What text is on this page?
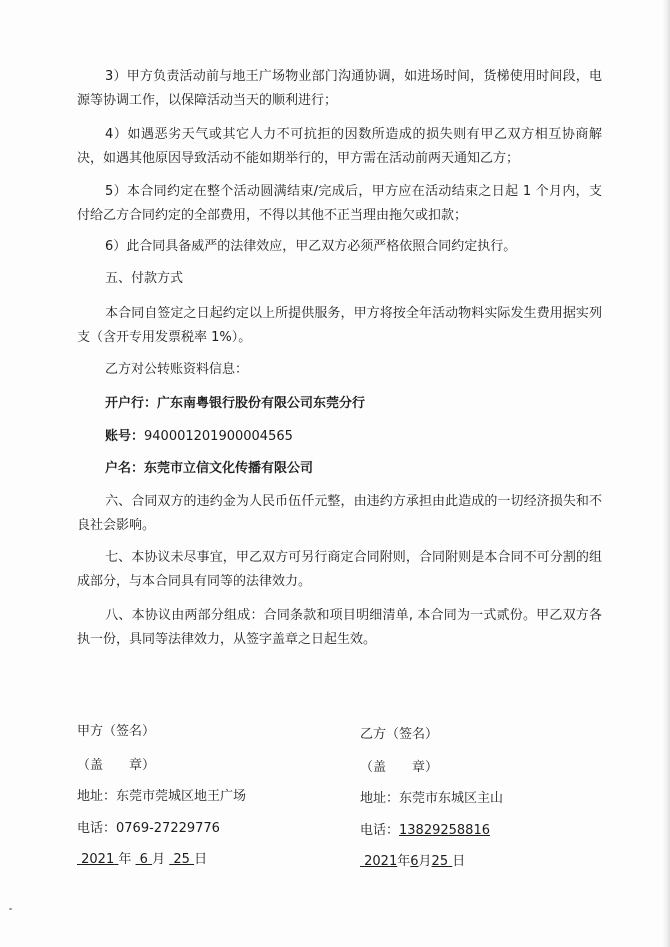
3）甲方负责活动前与地王广场物业部门沟通协调，如进场时间，货梯使用时间段，电源等协调工作，以保障活动当天的顺利进行；

4）如遇恶劣天气或其它人力不可抗拒的因数所造成的损失则有甲乙双方相互协商解决，如遇其他原因导致活动不能如期举行的，甲方需在活动前两天通知乙方；

5）本合同约定在整个活动圆满结束/完成后，甲方应在活动结束之日起 1 个月内，支付给乙方合同约定的全部费用，不得以其他不正当理由拖欠或扣款；

6）此合同具备威严的法律效应，甲乙双方必须严格依照合同约定执行。

五、付款方式

本合同自签定之日起约定以上所提供服务，甲方将按全年活动物料实际发生费用据实列支（含开专用发票税率 1%）。

乙方对公转账资料信息：

开户行：广东南粤银行股份有限公司东莞分行

账号：940001201900004565

户名：东莞市立信文化传播有限公司

六、合同双方的违约金为人民币伍仟元整，由违约方承担由此造成的一切经济损失和不良社会影响。

七、本协议未尽事宜，甲乙双方可另行商定合同附则，合同附则是本合同不可分割的组成部分，与本合同具有同等的法律效力。

八、本协议由两部分组成：合同条款和项目明细清单, 本合同为一式贰份。甲乙双方各执一份，具同等法律效力，从签字盖章之日起生效。

甲方（签名）
（盖　　章）
地址：东莞市莞城区地王广场
电话：0769-27229776
2021 年 6 月 25 日
乙方（签名）
（盖　　章）
地址：东莞市东城区主山
电话：13829258816
2021年6月25 日
